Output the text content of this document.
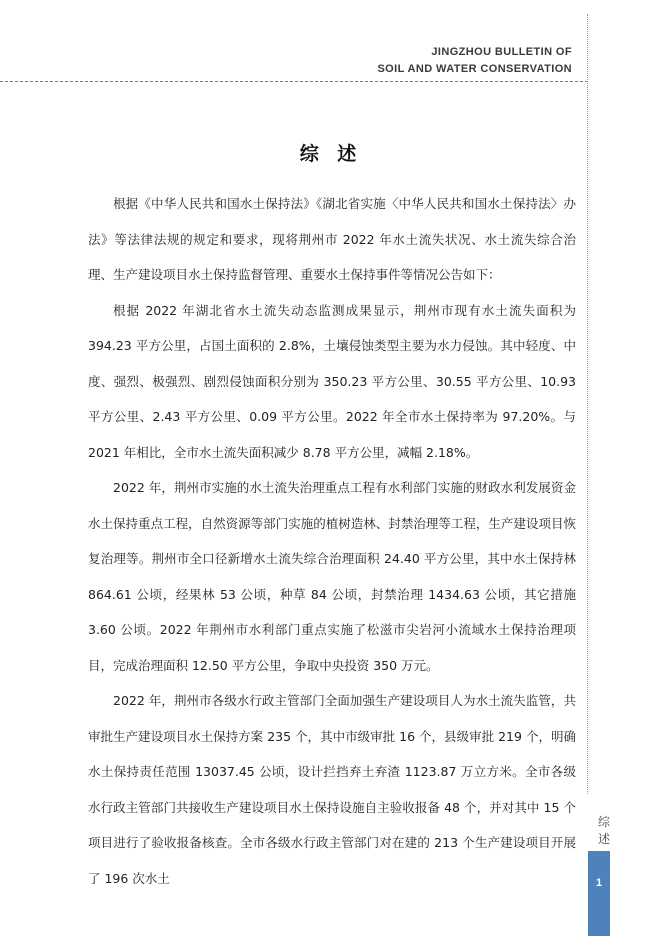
JINGZHOU BULLETIN OF
SOIL AND WATER CONSERVATION
综
述
1
综 述

根据《中华人民共和国水土保持法》《湖北省实施〈中华人民共和国水土保持法〉办法》等法律法规的规定和要求，现将荆州市 2022 年水土流失状况、水土流失综合治理、生产建设项目水土保持监督管理、重要水土保持事件等情况公告如下：

根据 2022 年湖北省水土流失动态监测成果显示，荆州市现有水土流失面积为 394.23 平方公里，占国土面积的 2.8%，土壤侵蚀类型主要为水力侵蚀。其中轻度、中度、强烈、极强烈、剧烈侵蚀面积分别为 350.23 平方公里、30.55 平方公里、10.93 平方公里、2.43 平方公里、0.09 平方公里。2022 年全市水土保持率为 97.20%。与 2021 年相比，全市水土流失面积减少 8.78 平方公里，减幅 2.18%。

2022 年，荆州市实施的水土流失治理重点工程有水利部门实施的财政水利发展资金水土保持重点工程，自然资源等部门实施的植树造林、封禁治理等工程，生产建设项目恢复治理等。荆州市全口径新增水土流失综合治理面积 24.40 平方公里，其中水土保持林 864.61 公顷，经果林 53 公顷，种草 84 公顷，封禁治理 1434.63 公顷，其它措施 3.60 公顷。2022 年荆州市水利部门重点实施了松滋市尖岩河小流域水土保持治理项目，完成治理面积 12.50 平方公里，争取中央投资 350 万元。

2022 年，荆州市各级水行政主管部门全面加强生产建设项目人为水土流失监管，共审批生产建设项目水土保持方案 235 个，其中市级审批 16 个，县级审批 219 个，明确水土保持责任范围 13037.45 公顷，设计拦挡弃土弃渣 1123.87 万立方米。全市各级水行政主管部门共接收生产建设项目水土保持设施自主验收报备 48 个，并对其中 15 个项目进行了验收报备核查。全市各级水行政主管部门对在建的 213 个生产建设项目开展了 196 次水土
